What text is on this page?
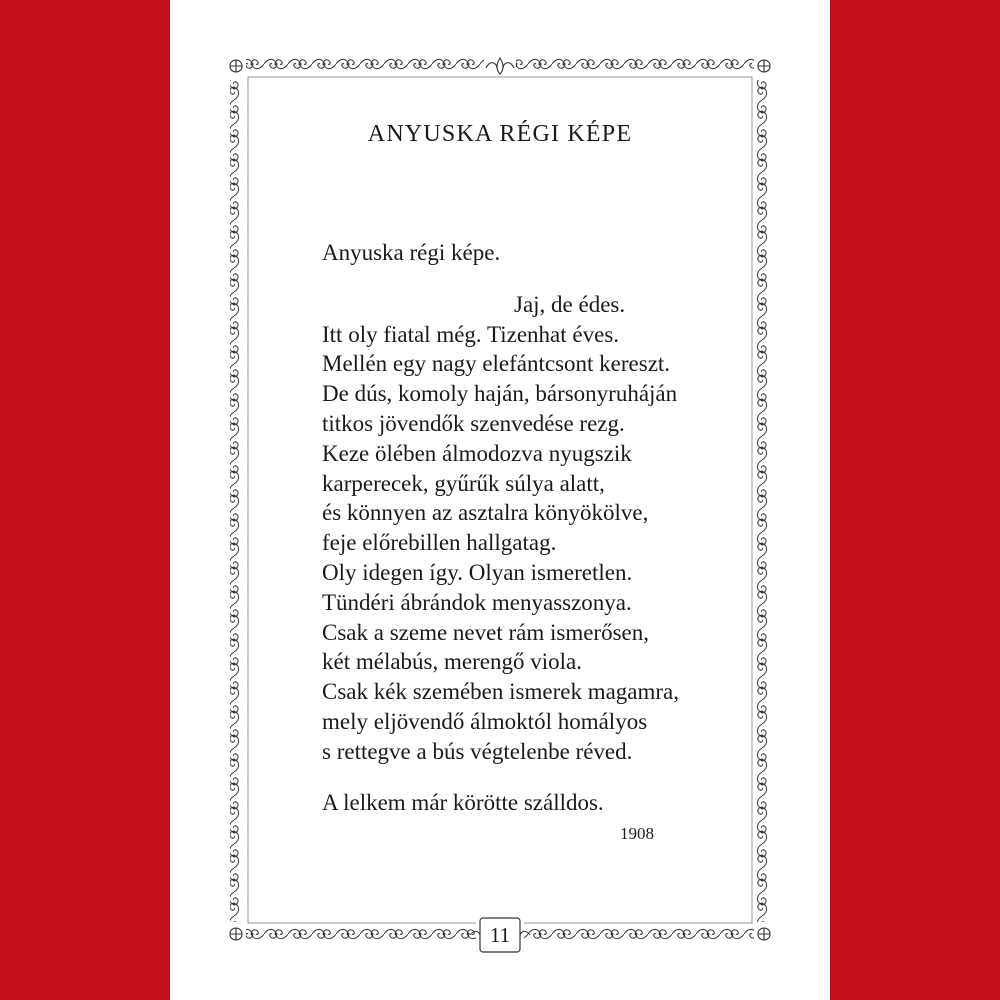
ANYUSKA RÉGI KÉPE
Anyuska régi képe.
Jaj, de édes.
Itt oly fiatal még. Tizenhat éves.
Mellén egy nagy elefántcsont kereszt.
De dús, komoly haján, bársonyruháján
titkos jövendők szenvedése rezg.
Keze ölében álmodozva nyugszik
karperecek, gyűrűk súlya alatt,
és könnyen az asztalra könyökölve,
feje előrebillen hallgatag.
Oly idegen így. Olyan ismeretlen.
Tündéri ábrándok menyasszonya.
Csak a szeme nevet rám ismerősen,
két mélabús, merengő viola.
Csak kék szemében ismerek magamra,
mely eljövendő álmoktól homályos
s rettegve a bús végtelenbe réved.
A lelkem már körötte szálldos.
1908
11
